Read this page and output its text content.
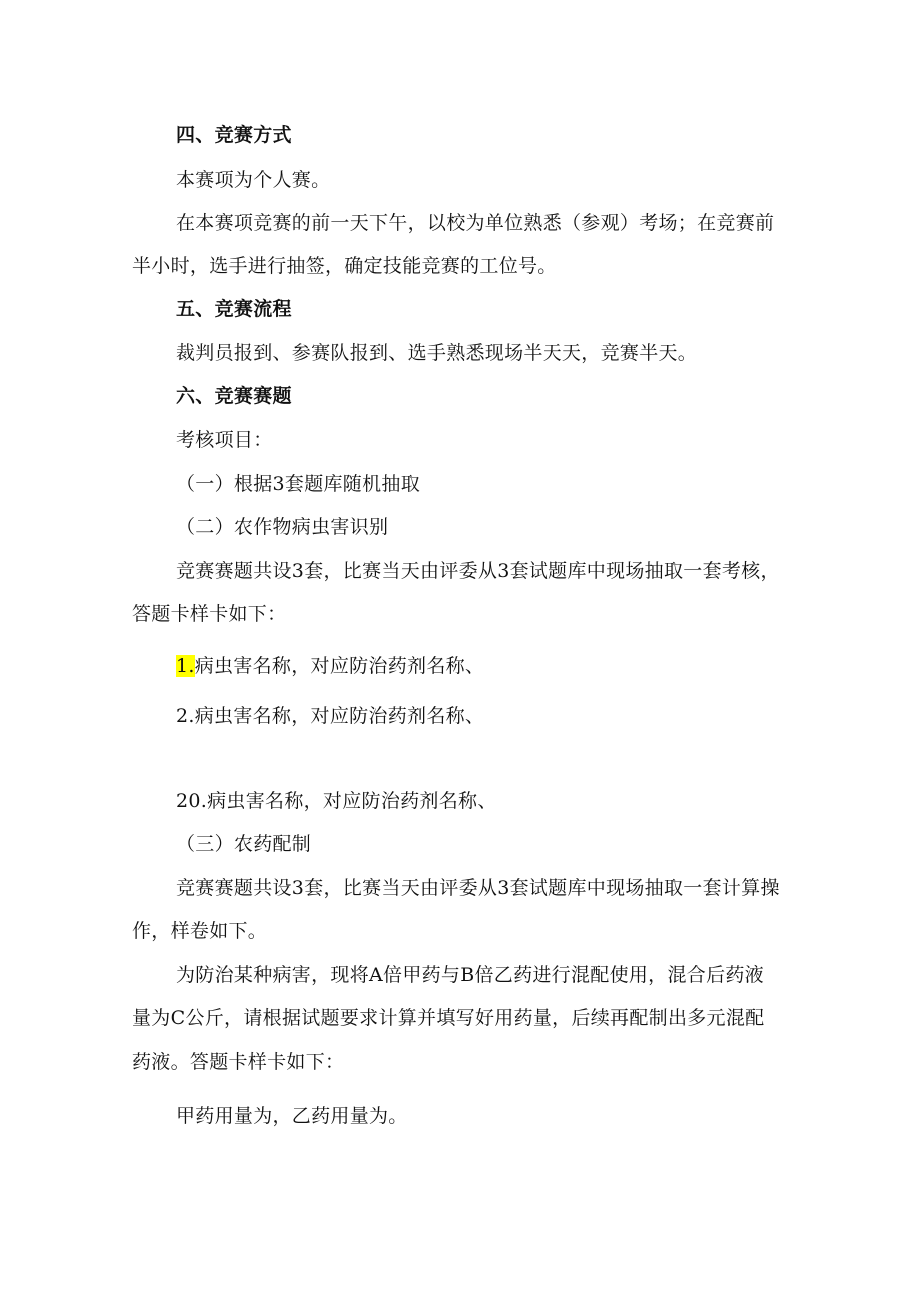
四、竞赛方式
本赛项为个人赛。
在本赛项竞赛的前一天下午，以校为单位熟悉（参观）考场；在竞赛前
半小时，选手进行抽签，确定技能竞赛的工位号。
五、竞赛流程
裁判员报到、参赛队报到、选手熟悉现场半天天，竞赛半天。
六、竞赛赛题
考核项目：
（一）根据3套题库随机抽取
（二）农作物病虫害识别
竞赛赛题共设3套，比赛当天由评委从3套试题库中现场抽取一套考核，
答题卡样卡如下：
1.病虫害名称，对应防治药剂名称、
2.病虫害名称，对应防治药剂名称、
20.病虫害名称，对应防治药剂名称、
（三）农药配制
竞赛赛题共设3套，比赛当天由评委从3套试题库中现场抽取一套计算操
作，样卷如下。
为防治某种病害，现将A倍甲药与B倍乙药进行混配使用，混合后药液
量为C公斤，请根据试题要求计算并填写好用药量，后续再配制出多元混配
药液。答题卡样卡如下：
甲药用量为，乙药用量为。
